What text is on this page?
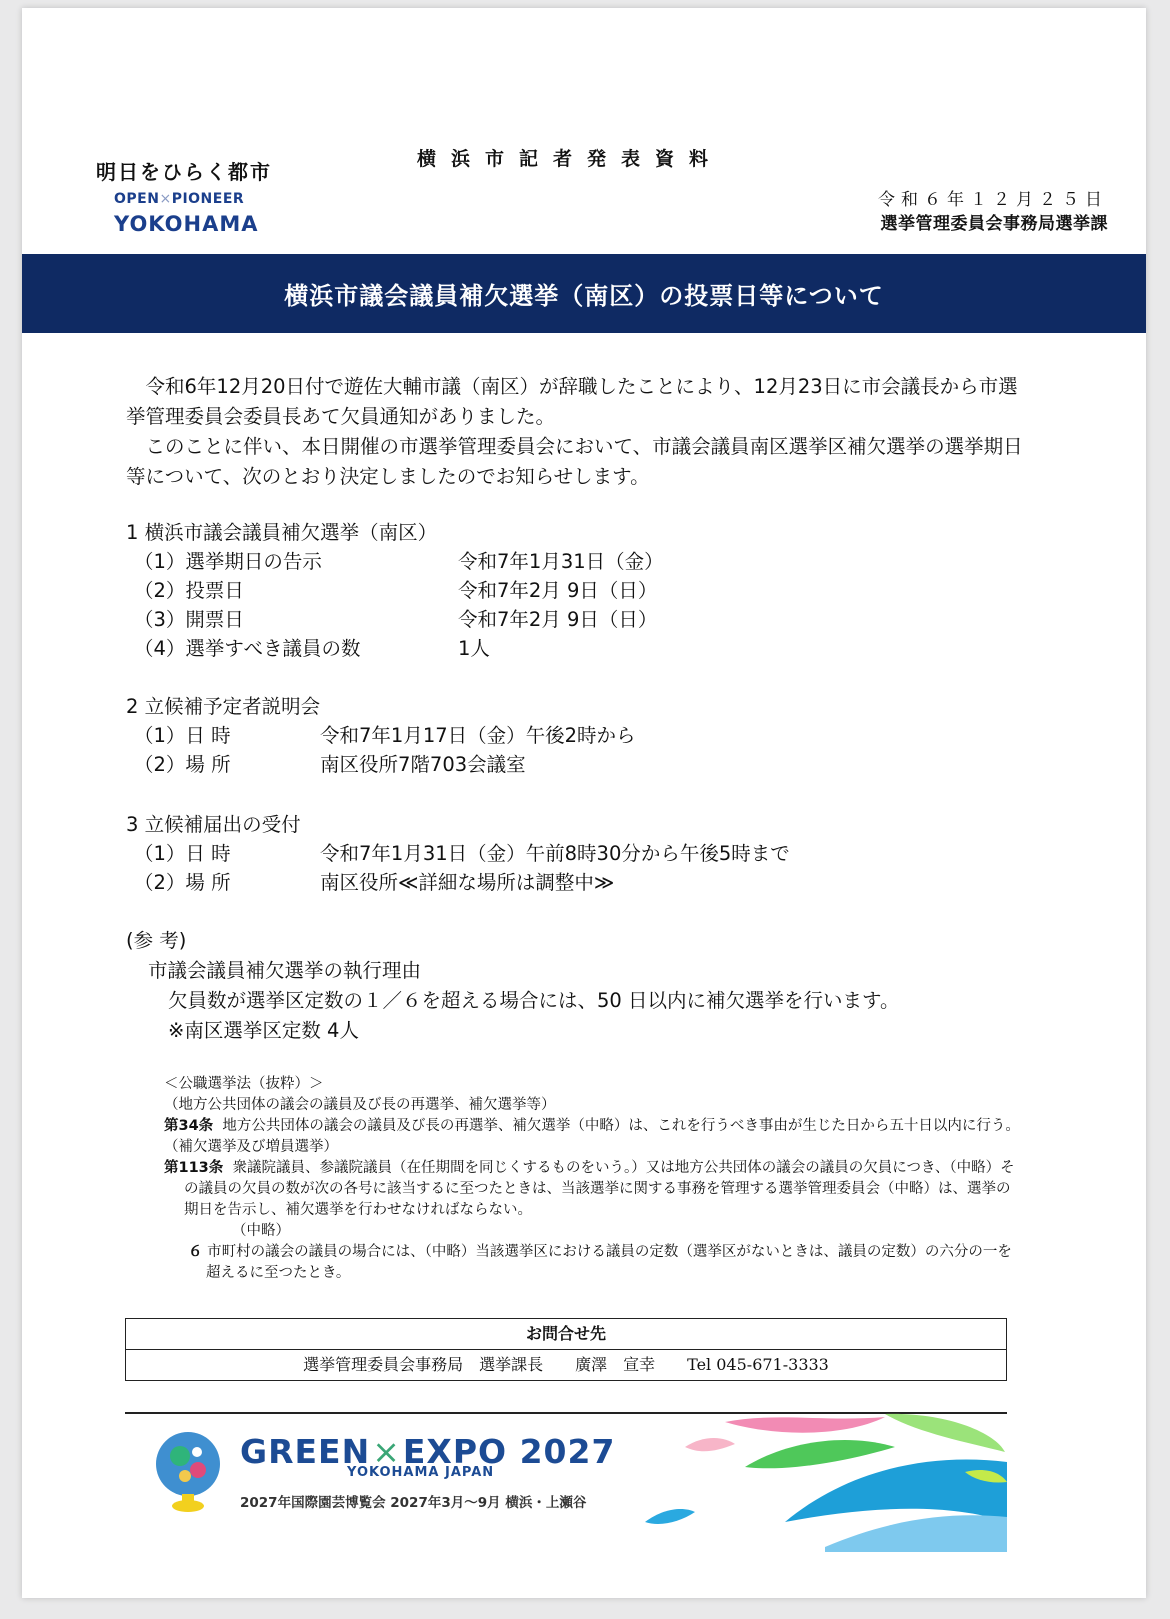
明日をひらく都市
OPEN×PIONEER
YOKOHAMA
横浜市記者発表資料
令和６年１２月２５日
選挙管理委員会事務局選挙課
横浜市議会議員補欠選挙（南区）の投票日等について

令和6年12月20日付で遊佐大輔市議（南区）が辞職したことにより、12月23日に市会議長から市選挙管理委員会委員長あて欠員通知がありました。

このことに伴い、本日開催の市選挙管理委員会において、市議会議員南区選挙区補欠選挙の選挙期日等について、次のとおり決定しましたのでお知らせします。

1 横浜市議会議員補欠選挙（南区）
（1）選挙期日の告示	令和7年1月31日（金）
（2）投票日	令和7年2月 9日（日）
（3）開票日	令和7年2月 9日（日）
（4）選挙すべき議員の数	1人
2 立候補予定者説明会
（1）日 時	令和7年1月17日（金）午後2時から
（2）場 所	南区役所7階703会議室
3 立候補届出の受付
（1）日 時	令和7年1月31日（金）午前8時30分から午後5時まで
（2）場 所	南区役所≪詳細な場所は調整中≫
(参 考)
市議会議員補欠選挙の執行理由
欠員数が選挙区定数の１／６を超える場合には、50 日以内に補欠選挙を行います。
※南区選挙区定数 4人
＜公職選挙法（抜粋）＞
（地方公共団体の議会の議員及び長の再選挙、補欠選挙等）
第34条 地方公共団体の議会の議員及び長の再選挙、補欠選挙（中略）は、これを行うべき事由が生じた日から五十日以内に行う。
（補欠選挙及び増員選挙）
第113条 衆議院議員、参議院議員（在任期間を同じくするものをいう。）又は地方公共団体の議会の議員の欠員につき、（中略）その議員の欠員の数が次の各号に該当するに至つたときは、当該選挙に関する事務を管理する選挙管理委員会（中略）は、選挙の期日を告示し、補欠選挙を行わせなければならない。
（中略）
６ 市町村の議会の議員の場合には、（中略）当該選挙区における議員の定数（選挙区がないときは、議員の定数）の六分の一を超えるに至つたとき。
お問合せ先
選挙管理委員会事務局　選挙課長　　廣澤　宣幸　　Tel 045-671-3333
GREEN×EXPO 2027
YOKOHAMA JAPAN
2027年国際園芸博覧会 2027年3月～9月 横浜・上瀬谷
